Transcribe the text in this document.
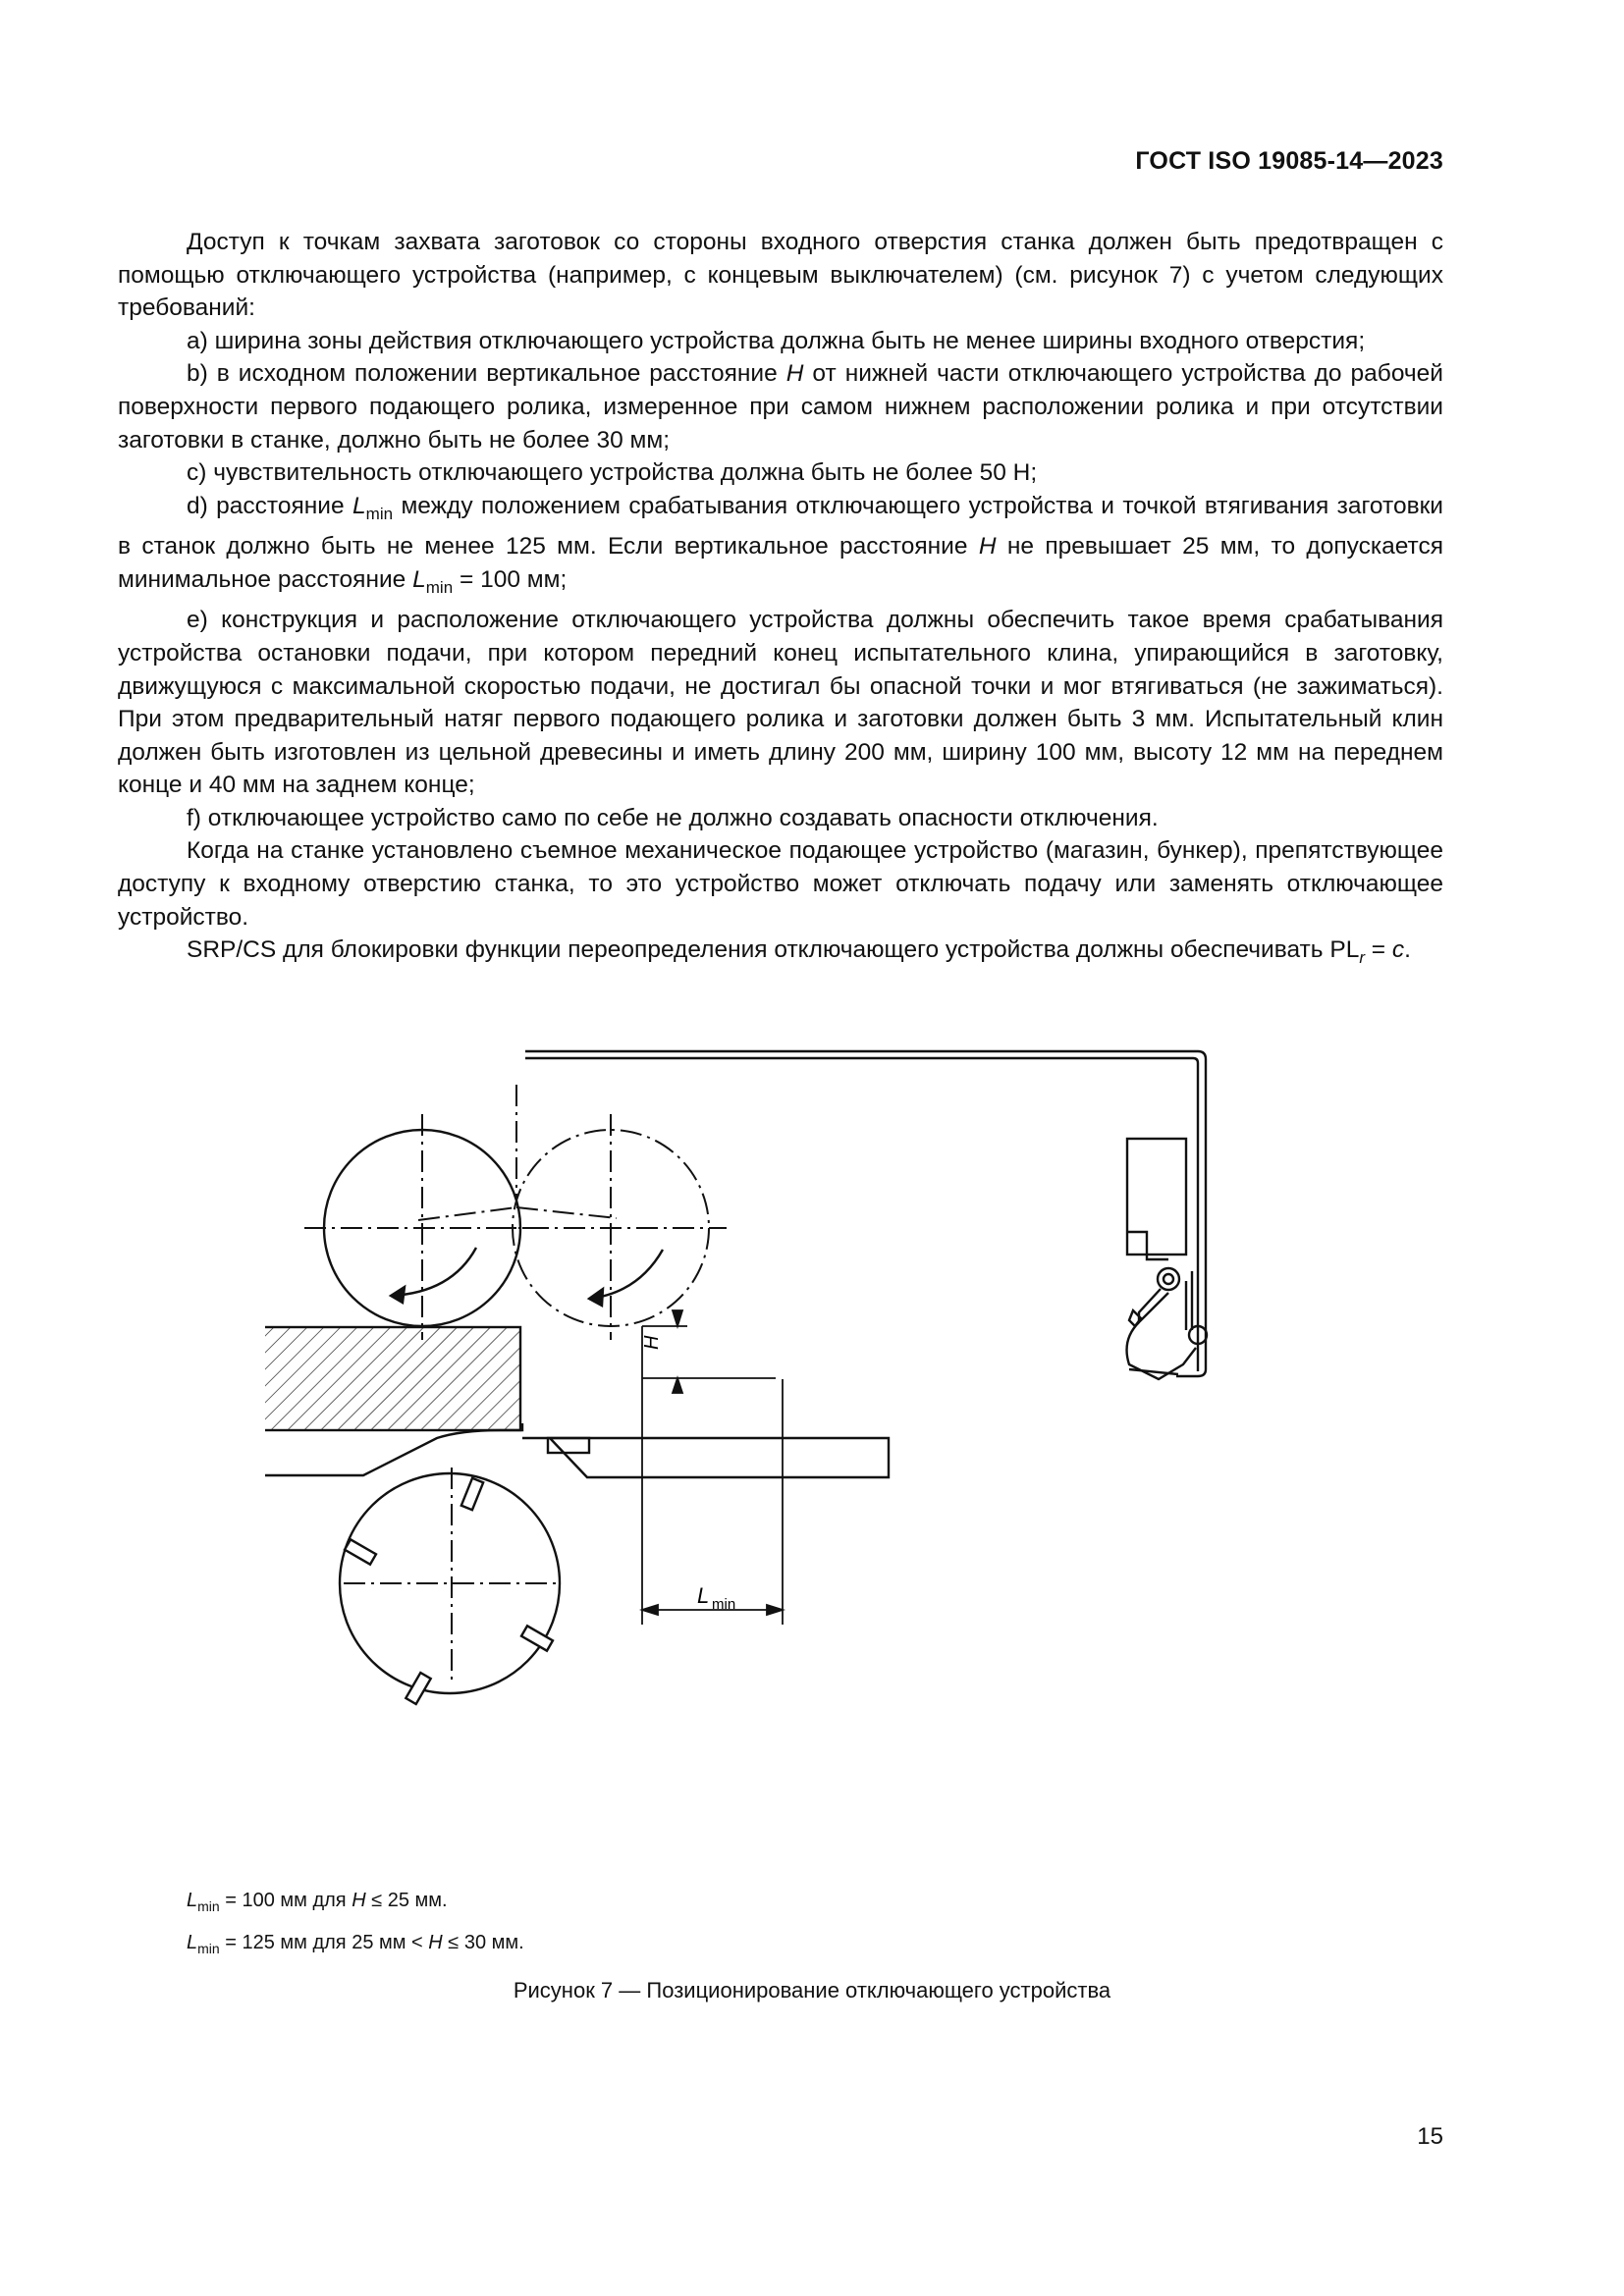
ГОСТ ISO 19085-14—2023

Доступ к точкам захвата заготовок со стороны входного отверстия станка должен быть предотвращен с помощью отключающего устройства (например, с концевым выключателем) (см. рисунок 7) с учетом следующих требований:

a) ширина зоны действия отключающего устройства должна быть не менее ширины входного отверстия;

b) в исходном положении вертикальное расстояние H от нижней части отключающего устройства до рабочей поверхности первого подающего ролика, измеренное при самом нижнем расположении ролика и при отсутствии заготовки в станке, должно быть не более 30 мм;

c) чувствительность отключающего устройства должна быть не более 50 Н;

d) расстояние $L_{min}$ между положением срабатывания отключающего устройства и точкой втягивания заготовки в станок должно быть не менее 125 мм. Если вертикальное расстояние H не превышает 25 мм, то допускается минимальное расстояние $L_{min} = 100$ мм;

e) конструкция и расположение отключающего устройства должны обеспечить такое время срабатывания устройства остановки подачи, при котором передний конец испытательного клина, упирающийся в заготовку, движущуюся с максимальной скоростью подачи, не достигал бы опасной точки и мог втягиваться (не зажиматься). При этом предварительный натяг первого подающего ролика и заготовки должен быть 3 мм. Испытательный клин должен быть изготовлен из цельной древесины и иметь длину 200 мм, ширину 100 мм, высоту 12 мм на переднем конце и 40 мм на заднем конце;

f) отключающее устройство само по себе не должно создавать опасности отключения.

Когда на станке установлено съемное механическое подающее устройство (магазин, бункер), препятствующее доступу к входному отверстию станка, то это устройство может отключать подачу или заменять отключающее устройство.

SRP/CS для блокировки функции переопределения отключающего устройства должны обеспечивать $PL_r = c$.

H
L min
$L_{min} = 100$ мм для H ≤ 25 мм.
$L_{min} = 125$ мм для 25 мм < H ≤ 30 мм.
Рисунок 7 — Позиционирование отключающего устройства
15
